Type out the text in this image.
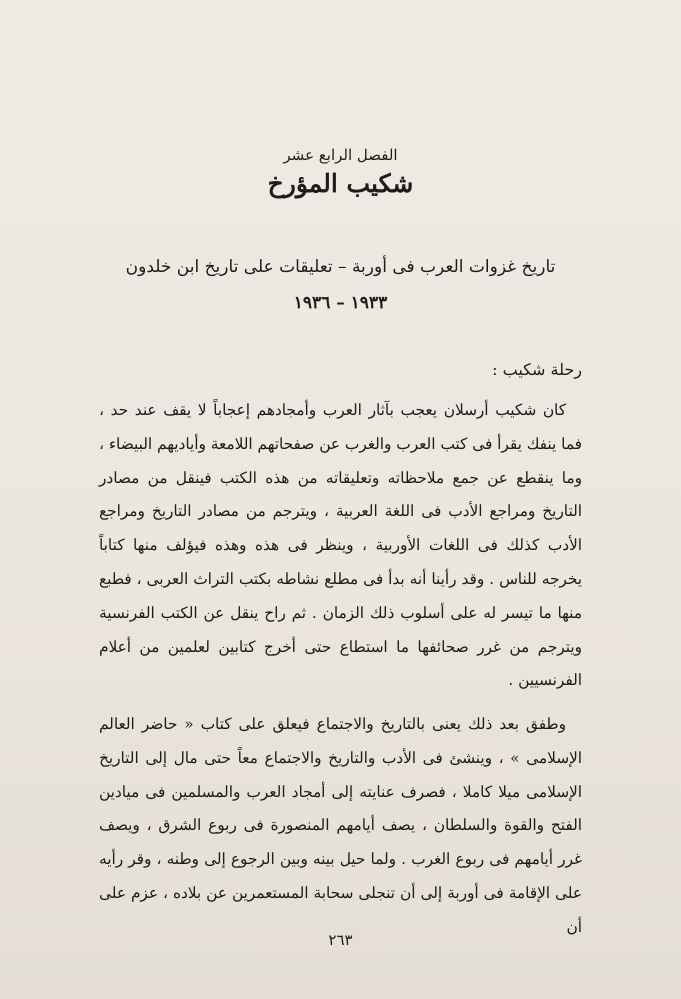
الفصل الرابع عشر
شكيب المؤرخ
تاريخ غزوات العرب فى أوربة – تعليقات على تاريخ ابن خلدون
١٩٣٣ – ١٩٣٦
رحلة شكيب :

كان شكيب أرسلان يعجب بآثار العرب وأمجادهم إعجاباً لا يقف عند حد ، فما ينفك يقرأ فى كتب العرب والغرب عن صفحاتهم اللامعة وأياديهم البيضاء ، وما ينقطع عن جمع ملاحظاته وتعليقاته من هذه الكتب فينقل من مصادر التاريخ ومراجع الأدب فى اللغة العربية ، ويترجم من مصادر التاريخ ومراجع الأدب كذلك فى اللغات الأوربية ، وينظر فى هذه وهذه فيؤلف منها كتاباً يخرجه للناس . وقد رأينا أنه بدأ فى مطلع نشاطه بكتب التراث العربى ، فطبع منها ما تيسر له على أسلوب ذلك الزمان . ثم راح ينقل عن الكتب الفرنسية ويترجم من غرر صحائفها ما استطاع حتى أخرج كتابين لعلمين من أعلام الفرنسيين .

وطفق بعد ذلك يعنى بالتاريخ والاجتماع فيعلق على كتاب « حاضر العالم الإسلامى » ، وينشئ فى الأدب والتاريخ والاجتماع معاً حتى مال إلى التاريخ الإسلامى ميلا كاملا ، فصرف عنايته إلى أمجاد العرب والمسلمين فى ميادين الفتح والقوة والسلطان ، يصف أيامهم المنصورة فى ربوع الشرق ، ويصف غرر أيامهم فى ربوع الغرب . ولما حيل بينه وبين الرجوع إلى وطنه ، وقر رأيه على الإقامة فى أوربة إلى أن تنجلى سحابة المستعمرين عن بلاده ، عزم على أن

٢٦٣
